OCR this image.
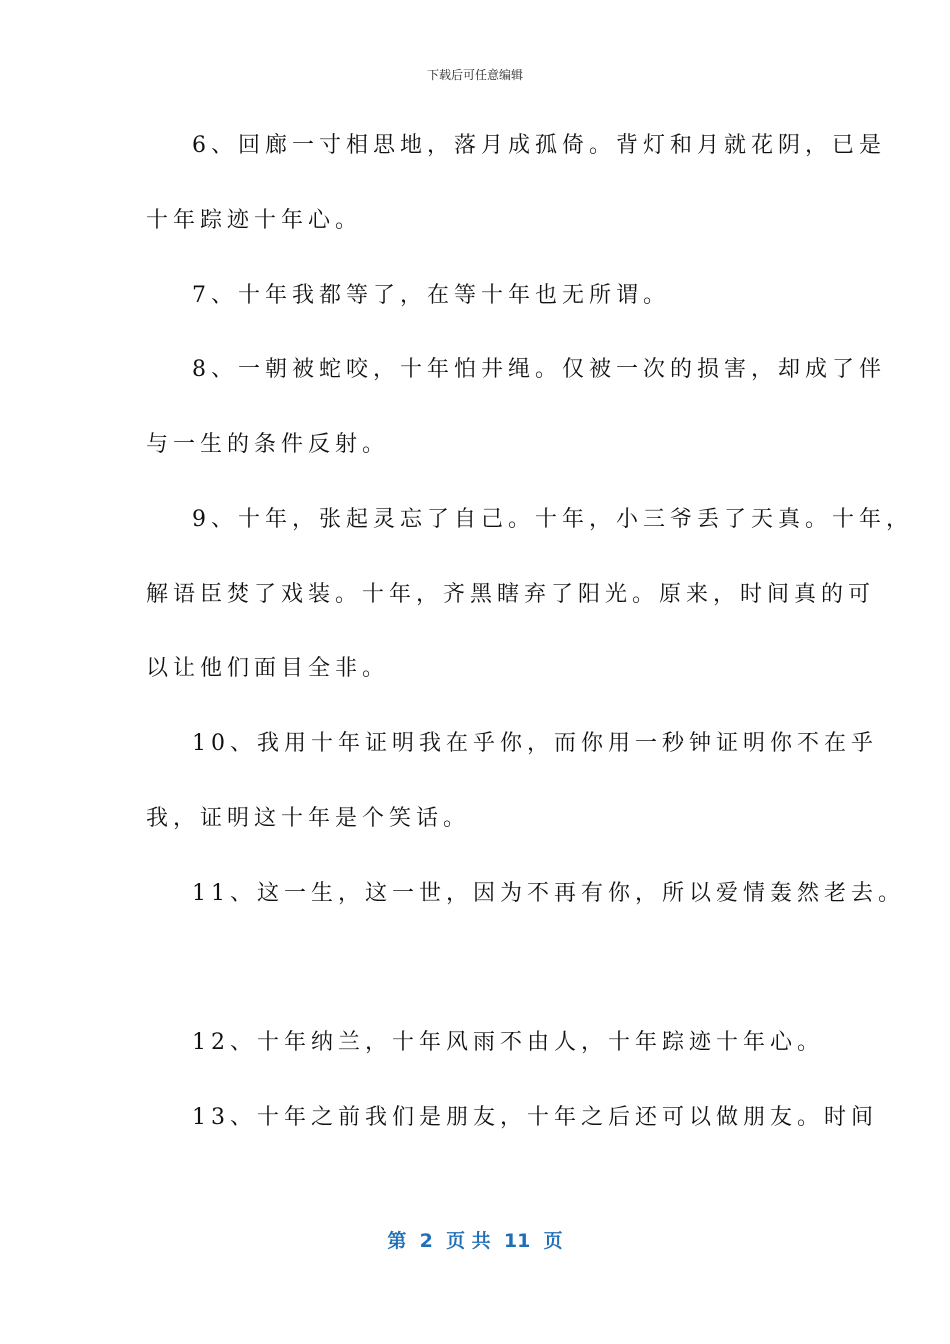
下载后可任意编辑
6、回廊一寸相思地，落月成孤倚。背灯和月就花阴，已是
十年踪迹十年心。
7、十年我都等了，在等十年也无所谓。
8、一朝被蛇咬，十年怕井绳。仅被一次的损害，却成了伴
与一生的条件反射。
9、十年，张起灵忘了自己。十年，小三爷丢了天真。十年，
解语臣焚了戏装。十年，齐黑瞎弃了阳光。原来，时间真的可
以让他们面目全非。
10、我用十年证明我在乎你，而你用一秒钟证明你不在乎
我，证明这十年是个笑话。
11、这一生，这一世，因为不再有你，所以爱情轰然老去。
12、十年纳兰，十年风雨不由人，十年踪迹十年心。
13、十年之前我们是朋友，十年之后还可以做朋友。时间
第  2  页 共  11  页
